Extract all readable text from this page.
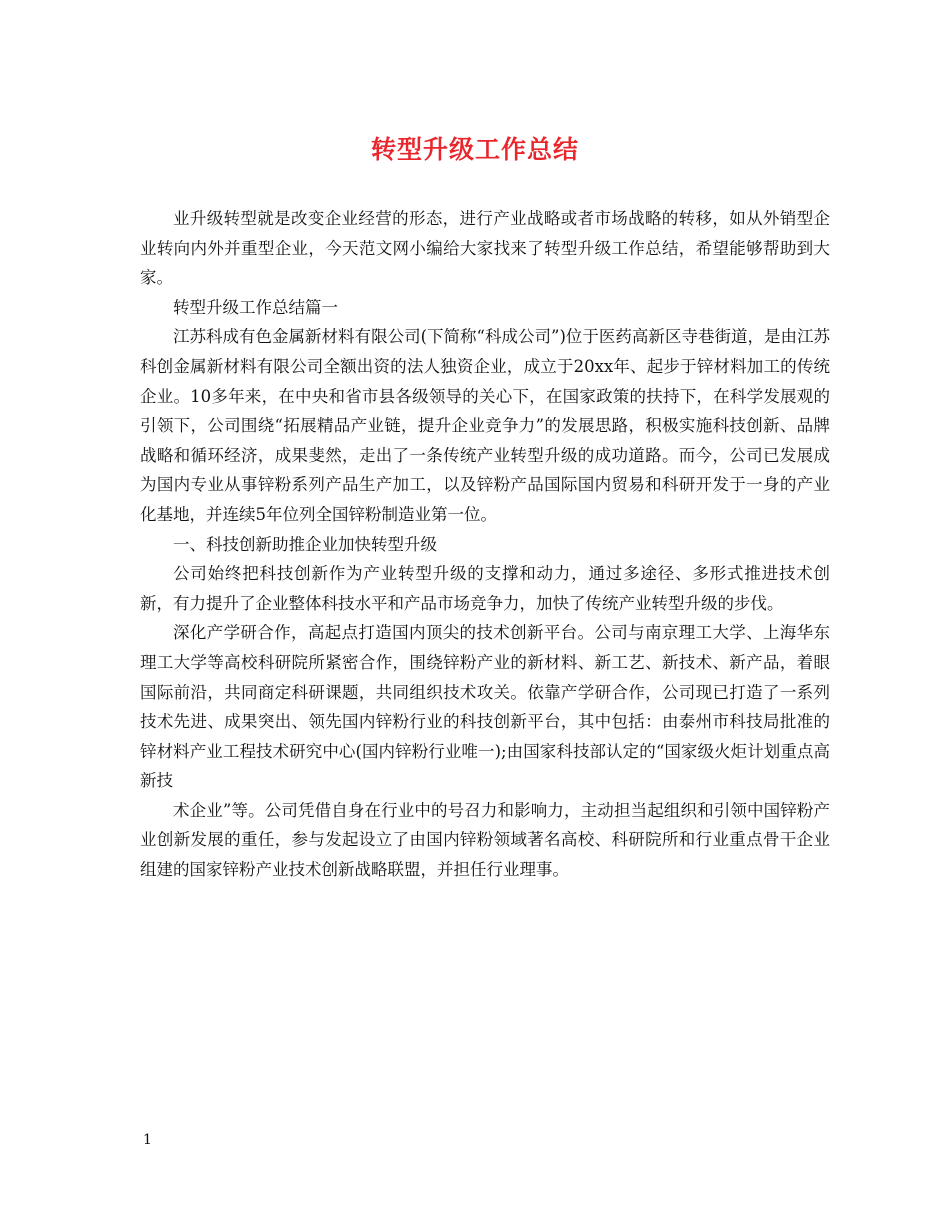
转型升级工作总结

业升级转型就是改变企业经营的形态，进行产业战略或者市场战略的转移，如从外销型企业转向内外并重型企业，今天范文网小编给大家找来了转型升级工作总结，希望能够帮助到大家。

转型升级工作总结篇一

江苏科成有色金属新材料有限公司(下简称“科成公司”)位于医药高新区寺巷街道，是由江苏科创金属新材料有限公司全额出资的法人独资企业，成立于20xx年、起步于锌材料加工的传统企业。10多年来，在中央和省市县各级领导的关心下，在国家政策的扶持下，在科学发展观的引领下，公司围绕“拓展精品产业链，提升企业竞争力”的发展思路，积极实施科技创新、品牌战略和循环经济，成果斐然，走出了一条传统产业转型升级的成功道路。而今，公司已发展成为国内专业从事锌粉系列产品生产加工，以及锌粉产品国际国内贸易和科研开发于一身的产业化基地，并连续5年位列全国锌粉制造业第一位。

一、科技创新助推企业加快转型升级

公司始终把科技创新作为产业转型升级的支撑和动力，通过多途径、多形式推进技术创新，有力提升了企业整体科技水平和产品市场竞争力，加快了传统产业转型升级的步伐。

深化产学研合作，高起点打造国内顶尖的技术创新平台。公司与南京理工大学、上海华东理工大学等高校科研院所紧密合作，围绕锌粉产业的新材料、新工艺、新技术、新产品，着眼国际前沿，共同商定科研课题，共同组织技术攻关。依靠产学研合作，公司现已打造了一系列技术先进、成果突出、领先国内锌粉行业的科技创新平台，其中包括：由泰州市科技局批准的锌材料产业工程技术研究中心(国内锌粉行业唯一);由国家科技部认定的“国家级火炬计划重点高新技

术企业”等。公司凭借自身在行业中的号召力和影响力，主动担当起组织和引领中国锌粉产业创新发展的重任，参与发起设立了由国内锌粉领域著名高校、科研院所和行业重点骨干企业组建的国家锌粉产业技术创新战略联盟，并担任行业理事。

1
